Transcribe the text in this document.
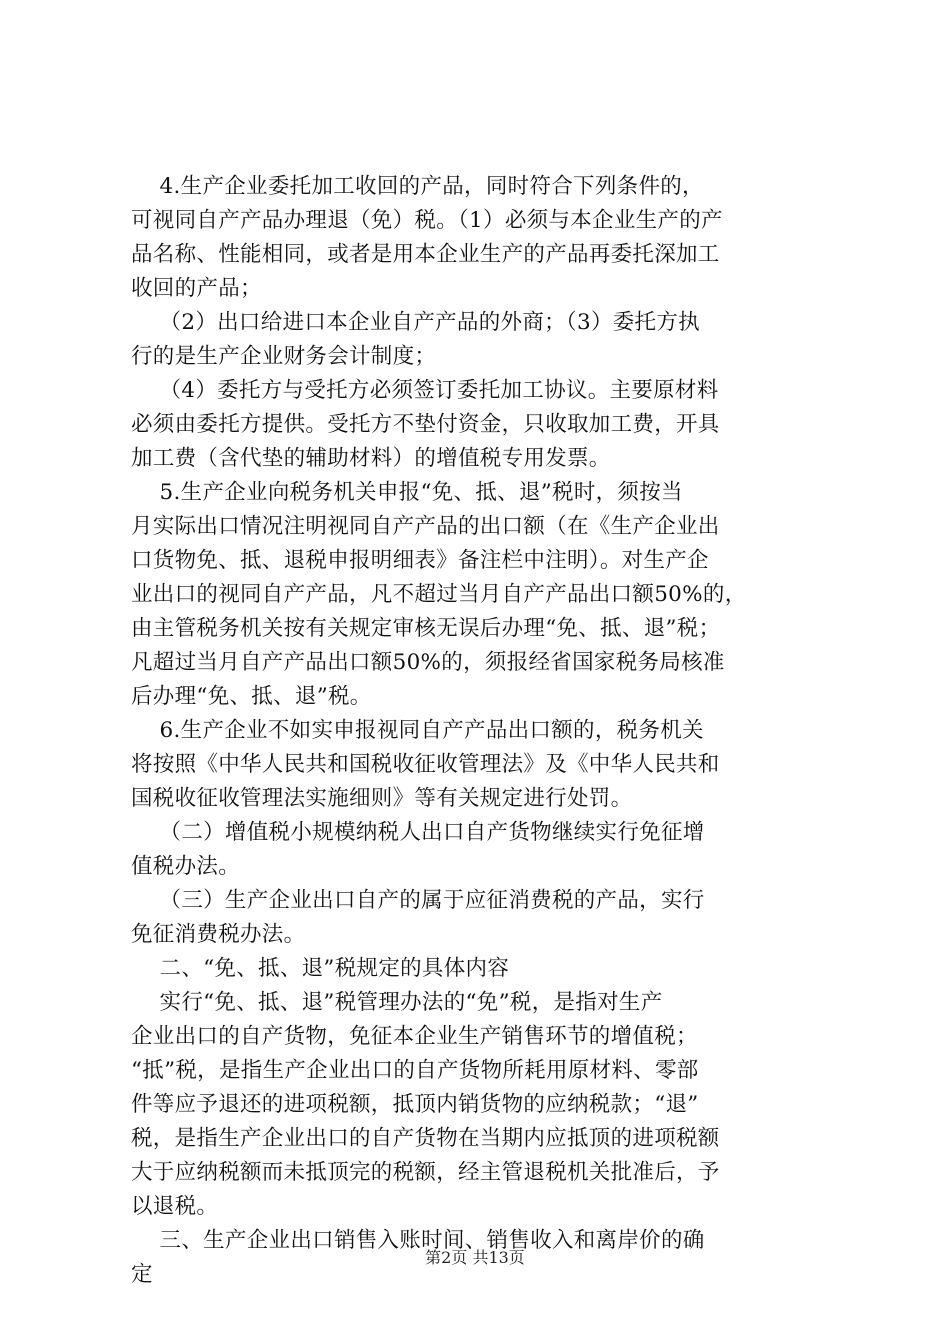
4.生产企业委托加工收回的产品，同时符合下列条件的，
可视同自产产品办理退（免）税。（1）必须与本企业生产的产
品名称、性能相同，或者是用本企业生产的产品再委托深加工
收回的产品；
（2）出口给进口本企业自产产品的外商；（3）委托方执
行的是生产企业财务会计制度；
（4）委托方与受托方必须签订委托加工协议。主要原材料
必须由委托方提供。受托方不垫付资金，只收取加工费，开具
加工费（含代垫的辅助材料）的增值税专用发票。
5.生产企业向税务机关申报“免、抵、退”税时，须按当
月实际出口情况注明视同自产产品的出口额（在《生产企业出
口货物免、抵、退税申报明细表》备注栏中注明）。对生产企
业出口的视同自产产品，凡不超过当月自产产品出口额50%的，
由主管税务机关按有关规定审核无误后办理“免、抵、退”税；
凡超过当月自产产品出口额50%的，须报经省国家税务局核准
后办理“免、抵、退”税。
6.生产企业不如实申报视同自产产品出口额的，税务机关
将按照《中华人民共和国税收征收管理法》及《中华人民共和
国税收征收管理法实施细则》等有关规定进行处罚。
（二）增值税小规模纳税人出口自产货物继续实行免征增
值税办法。
（三）生产企业出口自产的属于应征消费税的产品，实行
免征消费税办法。
二、“免、抵、退”税规定的具体内容
实行“免、抵、退”税管理办法的“免”税，是指对生产
企业出口的自产货物，免征本企业生产销售环节的增值税；
“抵”税，是指生产企业出口的自产货物所耗用原材料、零部
件等应予退还的进项税额，抵顶内销货物的应纳税款；“退”
税，是指生产企业出口的自产货物在当期内应抵顶的进项税额
大于应纳税额而未抵顶完的税额，经主管退税机关批准后，予
以退税。
三、生产企业出口销售入账时间、销售收入和离岸价的确
定
第2页 共13页
